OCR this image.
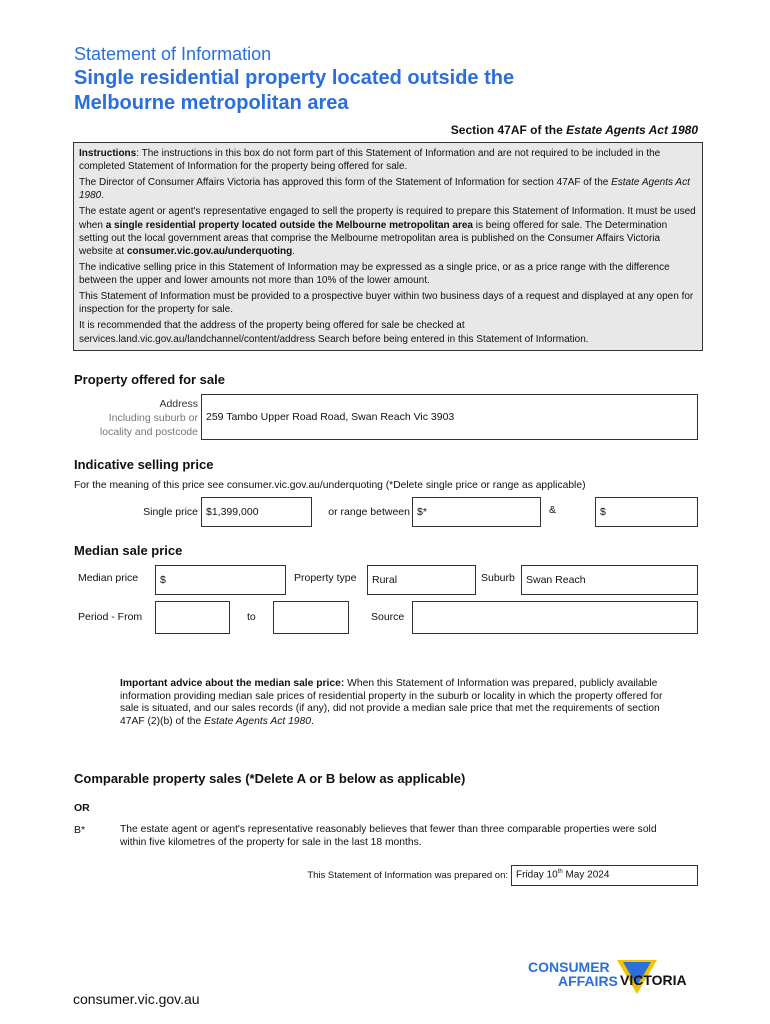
Statement of Information
Single residential property located outside the
Melbourne metropolitan area
Section 47AF of the Estate Agents Act 1980

Instructions: The instructions in this box do not form part of this Statement of Information and are not required to be included in the completed Statement of Information for the property being offered for sale.

The Director of Consumer Affairs Victoria has approved this form of the Statement of Information for section 47AF of the Estate Agents Act 1980.

The estate agent or agent's representative engaged to sell the property is required to prepare this Statement of Information. It must be used when a single residential property located outside the Melbourne metropolitan area is being offered for sale. The Determination setting out the local government areas that comprise the Melbourne metropolitan area is published on the Consumer Affairs Victoria website at consumer.vic.gov.au/underquoting.

The indicative selling price in this Statement of Information may be expressed as a single price, or as a price range with the difference between the upper and lower amounts not more than 10% of the lower amount.

This Statement of Information must be provided to a prospective buyer within two business days of a request and displayed at any open for inspection for the property for sale.

It is recommended that the address of the property being offered for sale be checked at services.land.vic.gov.au/landchannel/content/address Search before being entered in this Statement of Information.

Property offered for sale
Address
Including suburb or
locality and postcode
259 Tambo Upper Road Road, Swan Reach Vic 3903
Indicative selling price
For the meaning of this price see consumer.vic.gov.au/underquoting (*Delete single price or range as applicable)
Single price $1,399,000	or range between $*	&	$
Median sale price
Median price	$	Property type	Rural	Suburb	Swan Reach
Period - From	to	Source
Important advice about the median sale price: When this Statement of Information was prepared, publicly available information providing median sale prices of residential property in the suburb or locality in which the property offered for sale is situated, and our sales records (if any), did not provide a median sale price that met the requirements of section 47AF (2)(b) of the Estate Agents Act 1980.
Comparable property sales (*Delete A or B below as applicable)
OR
B*	The estate agent or agent's representative reasonably believes that fewer than three comparable properties were sold within five kilometres of the property for sale in the last 18 months.
This Statement of Information was prepared on: Friday 10th May 2024
CONSUMER
AFFAIRS VICTORIA
consumer.vic.gov.au
